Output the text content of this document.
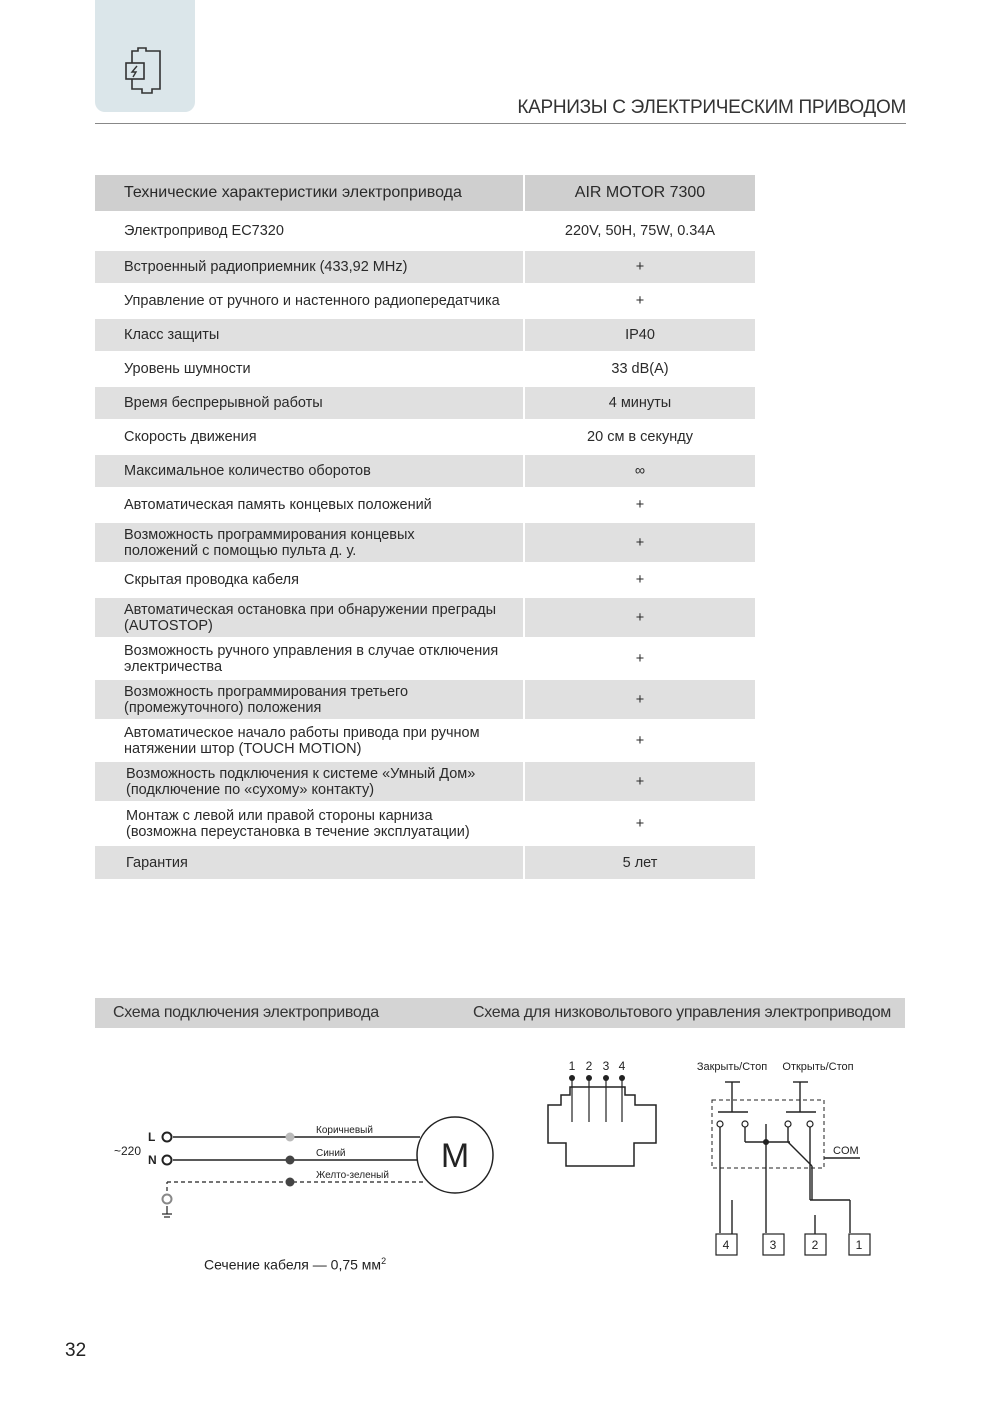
КАРНИЗЫ С ЭЛЕКТРИЧЕСКИМ ПРИВОДОМ
Технические характеристики электропривода	AIR MOTOR 7300
Электропривод EC7320	220V, 50H, 75W, 0.34A
Встроенный радиоприемник (433,92 MHz)	+
Управление от ручного и настенного радиопередатчика	+
Класс защиты	IP40
Уровень шумности	33 dB(A)
Время беспрерывной работы	4 минуты
Скорость движения	20 см в секунду
Максимальное количество оборотов	∞
Автоматическая память концевых положений	+
Возможность программирования концевых
положений с помощью пульта д. у.	+
Скрытая проводка кабеля	+
Автоматическая остановка при обнаружении преграды
(AUTOSTOP)	+
Возможность ручного управления в случае отключения
электричества	+
Возможность программирования третьего
(промежуточного) положения	+
Автоматическое начало работы привода при ручном
натяжении штор (TOUCH MOTION)	+
Возможность подключения к системе «Умный Дом»
(подключение по «сухому» контакту)	+
Монтаж с левой или правой стороны карниза
(возможна переустановка в течение эксплуатации)	+
Гарантия	5 лет
Схема подключения электропривода	Схема для низковольтового управления электроприводом
~220
L
N
Коричневый
Синий
Желто-зеленый
M
Сечение кабеля — 0,75 $мм^2$
1 2 3 4	Закрыть/Стоп Открыть/Стоп
COM
4	3	2	1
32
